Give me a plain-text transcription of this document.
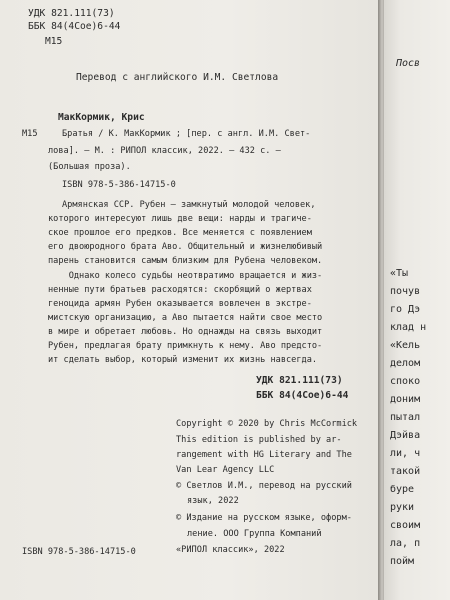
УДК 821.111(73)
ББК 84(4Сое)6-44
М15
Перевод с английского И.М. Светлова
МакКормик, Крис
М15	Братья / К. МакКормик ; [пер. с англ. И.М. Свет-
лова]. – М. : РИПОЛ классик, 2022. – 432 с. –
(Большая проза).
ISBN 978-5-386-14715-0
Армянская ССР. Рубен — замкнутый молодой человек,
которого интересуют лишь две вещи: нарды и трагиче-
ское прошлое его предков. Все меняется с появлением
его двоюродного брата Аво. Общительный и жизнелюбивый
парень становится самым близким для Рубена человеком.
Однако колесо судьбы неотвратимо вращается и жиз-
ненные пути братьев расходятся: скорбящий о жертвах
геноцида армян Рубен оказывается вовлечен в экстре-
мистскую организацию, а Аво пытается найти свое место
в мире и обретает любовь. Но однажды на связь выходит
Рубен, предлагая брату примкнуть к нему. Аво предсто-
ит сделать выбор, который изменит их жизнь навсегда.
УДК 821.111(73)
ББК 84(4Сое)6-44
Copyright © 2020 by Chris McCormick
This edition is published by ar-
rangement with HG Literary and The
Van Lear Agency LLC
© Светлов И.М., перевод на русский
язык, 2022
© Издание на русском языке, оформ-
ление. ООО Группа Компаний
«РИПОЛ классик», 2022
ISBN 978-5-386-14715-0
Посв
«Ты
почув
го Дэ
клад н
«Кель
делом
споко
доним
пытал
Дэйва
ли, ч
такой
буре
руки
своим
ла, п
пойм
